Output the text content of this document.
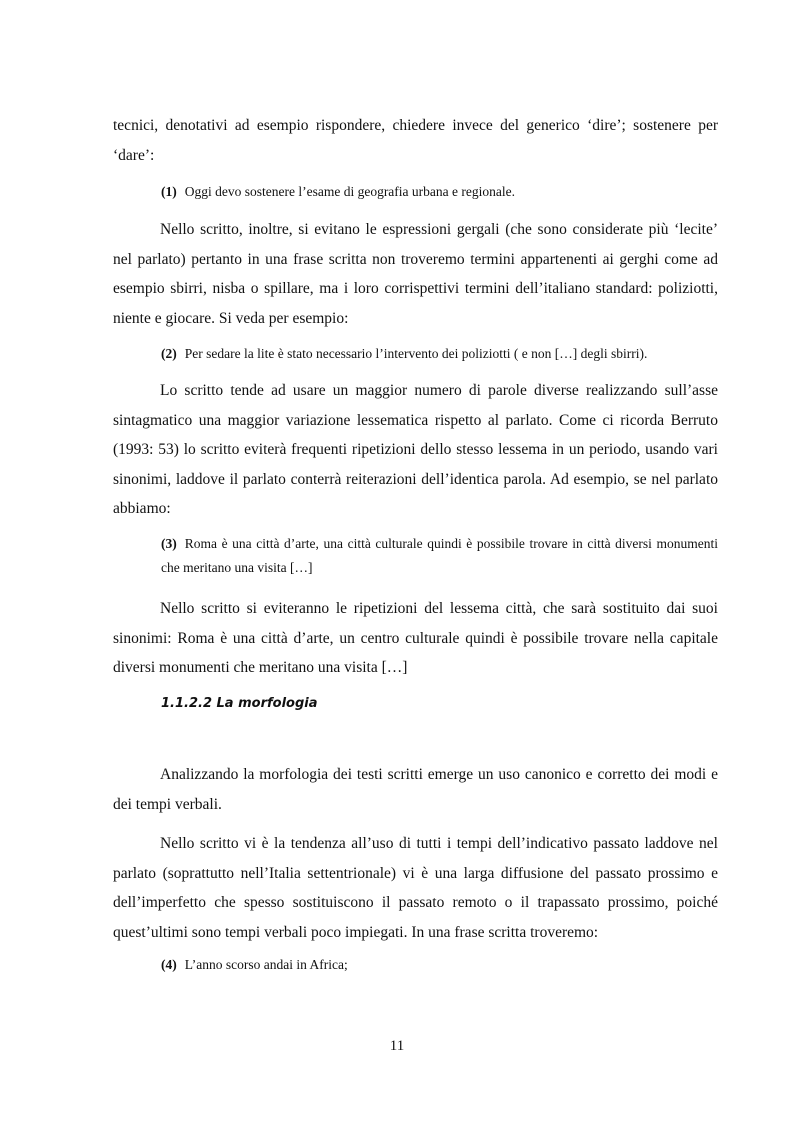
tecnici, denotativi ad esempio rispondere, chiedere invece del generico ‘dire’; sostenere per ‘dare’:

(1) Oggi devo sostenere l’esame di geografia urbana e regionale.

Nello scritto, inoltre, si evitano le espressioni gergali (che sono considerate più ‘lecite’ nel parlato) pertanto in una frase scritta non troveremo termini appartenenti ai gerghi come ad esempio sbirri, nisba o spillare, ma i loro corrispettivi termini dell’italiano standard: poliziotti, niente e giocare. Si veda per esempio:

(2) Per sedare la lite è stato necessario l’intervento dei poliziotti ( e non […] degli sbirri).

Lo scritto tende ad usare un maggior numero di parole diverse realizzando sull’asse sintagmatico una maggior variazione lessematica rispetto al parlato. Come ci ricorda Berruto (1993: 53) lo scritto eviterà frequenti ripetizioni dello stesso lessema in un periodo, usando vari sinonimi, laddove il parlato conterrà reiterazioni dell’identica parola. Ad esempio, se nel parlato abbiamo:

(3) Roma è una città d’arte, una città culturale quindi è possibile trovare in città diversi monumenti che meritano una visita […]

Nello scritto si eviteranno le ripetizioni del lessema città, che sarà sostituito dai suoi sinonimi: Roma è una città d’arte, un centro culturale quindi è possibile trovare nella capitale diversi monumenti che meritano una visita […]

1.1.2.2 La morfologia

Analizzando la morfologia dei testi scritti emerge un uso canonico e corretto dei modi e dei tempi verbali.

Nello scritto vi è la tendenza all’uso di tutti i tempi dell’indicativo passato laddove nel parlato (soprattutto nell’Italia settentrionale) vi è una larga diffusione del passato prossimo e dell’imperfetto che spesso sostituiscono il passato remoto o il trapassato prossimo, poiché quest’ultimi sono tempi verbali poco impiegati. In una frase scritta troveremo:

(4) L’anno scorso andai in Africa;

11
